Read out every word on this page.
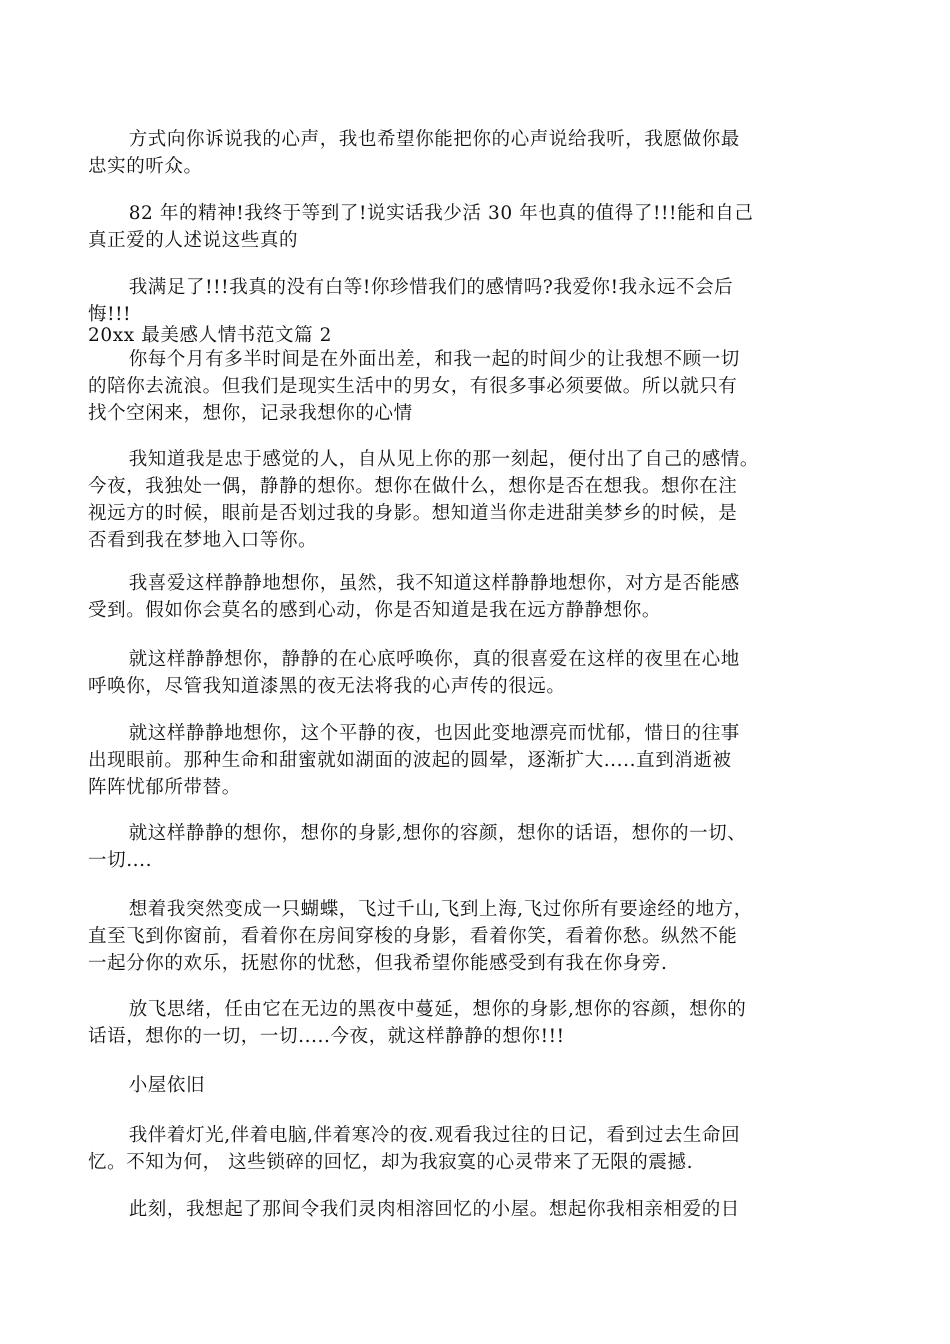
方式向你诉说我的心声，我也希望你能把你的心声说给我听，我愿做你最
忠实的听众。

82 年的精神!我终于等到了!说实话我少活 30 年也真的值得了!!!能和自己
真正爱的人述说这些真的

我满足了!!!我真的没有白等!你珍惜我们的感情吗?我爱你!我永远不会后
悔!!!

20xx 最美感人情书范文篇 2

你每个月有多半时间是在外面出差，和我一起的时间少的让我想不顾一切
的陪你去流浪。但我们是现实生活中的男女，有很多事必须要做。所以就只有
找个空闲来，想你，记录我想你的心情

我知道我是忠于感觉的人，自从见上你的那一刻起，便付出了自己的感情。
今夜，我独处一偶，静静的想你。想你在做什么，想你是否在想我。想你在注
视远方的时候，眼前是否划过我的身影。想知道当你走进甜美梦乡的时候，是
否看到我在梦地入口等你。

我喜爱这样静静地想你，虽然，我不知道这样静静地想你，对方是否能感
受到。假如你会莫名的感到心动，你是否知道是我在远方静静想你。

就这样静静想你，静静的在心底呼唤你，真的很喜爱在这样的夜里在心地
呼唤你，尽管我知道漆黑的夜无法将我的心声传的很远。

就这样静静地想你，这个平静的夜，也因此变地漂亮而忧郁，惜日的往事
出现眼前。那种生命和甜蜜就如湖面的波起的圆晕，逐渐扩大.....直到消逝被
阵阵忧郁所带替。

就这样静静的想你，想你的身影,想你的容颜，想你的话语，想你的一切、
一切....

想着我突然变成一只蝴蝶，飞过千山,飞到上海,飞过你所有要途经的地方，
直至飞到你窗前，看着你在房间穿梭的身影，看着你笑，看着你愁。纵然不能
一起分你的欢乐，抚慰你的忧愁，但我希望你能感受到有我在你身旁.

放飞思绪，任由它在无边的黑夜中蔓延，想你的身影,想你的容颜，想你的
话语，想你的一切，一切.....今夜，就这样静静的想你!!!

小屋依旧

我伴着灯光,伴着电脑,伴着寒冷的夜.观看我过往的日记，看到过去生命回
忆。不知为何， 这些锁碎的回忆，却为我寂寞的心灵带来了无限的震撼.

此刻，我想起了那间令我们灵肉相溶回忆的小屋。想起你我相亲相爱的日
